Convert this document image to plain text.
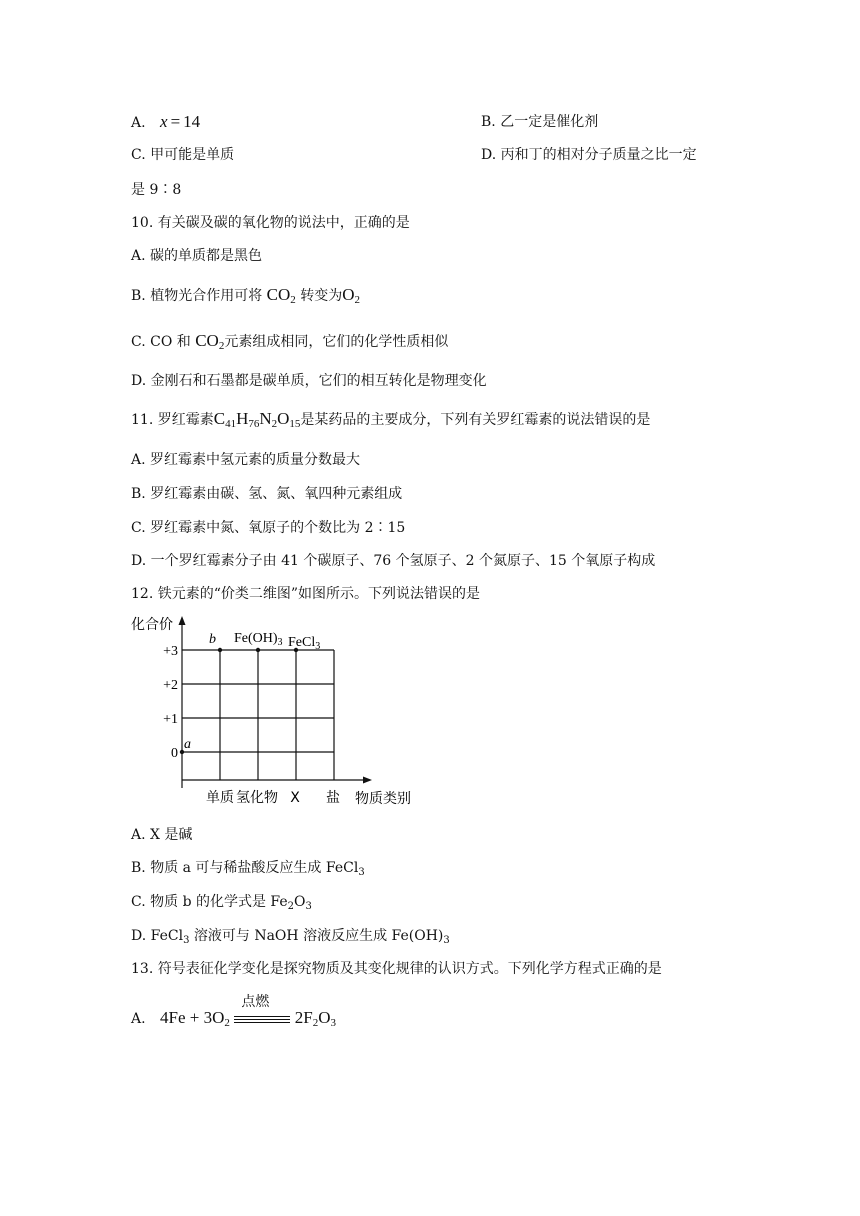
A. x = 14	B. 乙一定是催化剂
C. 甲可能是单质	D. 丙和丁的相对分子质量之比一定
是 9∶8
10. 有关碳及碳的氧化物的说法中，正确的是
A. 碳的单质都是黑色
B. 植物光合作用可将 $CO_2$ 转变为$O_2$
C. CO 和 $CO_2$元素组成相同，它们的化学性质相似
D. 金刚石和石墨都是碳单质，它们的相互转化是物理变化
11. 罗红霉素$C_{41}H_{76}N_2O_{15}$是某药品的主要成分，下列有关罗红霉素的说法错误的是
A. 罗红霉素中氢元素的质量分数最大
B. 罗红霉素由碳、氢、氮、氧四种元素组成
C. 罗红霉素中氮、氧原子的个数比为 2∶15
D. 一个罗红霉素分子由 41 个碳原子、76 个氢原子、2 个氮原子、15 个氧原子构成
12. 铁元素的“价类二维图”如图所示。下列说法错误的是
化合价
+3
+2
+1
0
单质 氢化物 X 盐 物质类别
a
b $Fe(OH)_3$ FeCl$_3$
A. X 是碱
B. 物质 a 可与稀盐酸反应生成 FeCl$_3$
C. 物质 b 的化学式是 $Fe_2O_3$
D. FeCl$_3$ 溶液可与 NaOH 溶液反应生成 $Fe(OH)_3$
13. 符号表征化学变化是探究物质及其变化规律的认识方式。下列化学方程式正确的是
A. $4Fe + 3O_2$
点燃
$2F_2O_3$
